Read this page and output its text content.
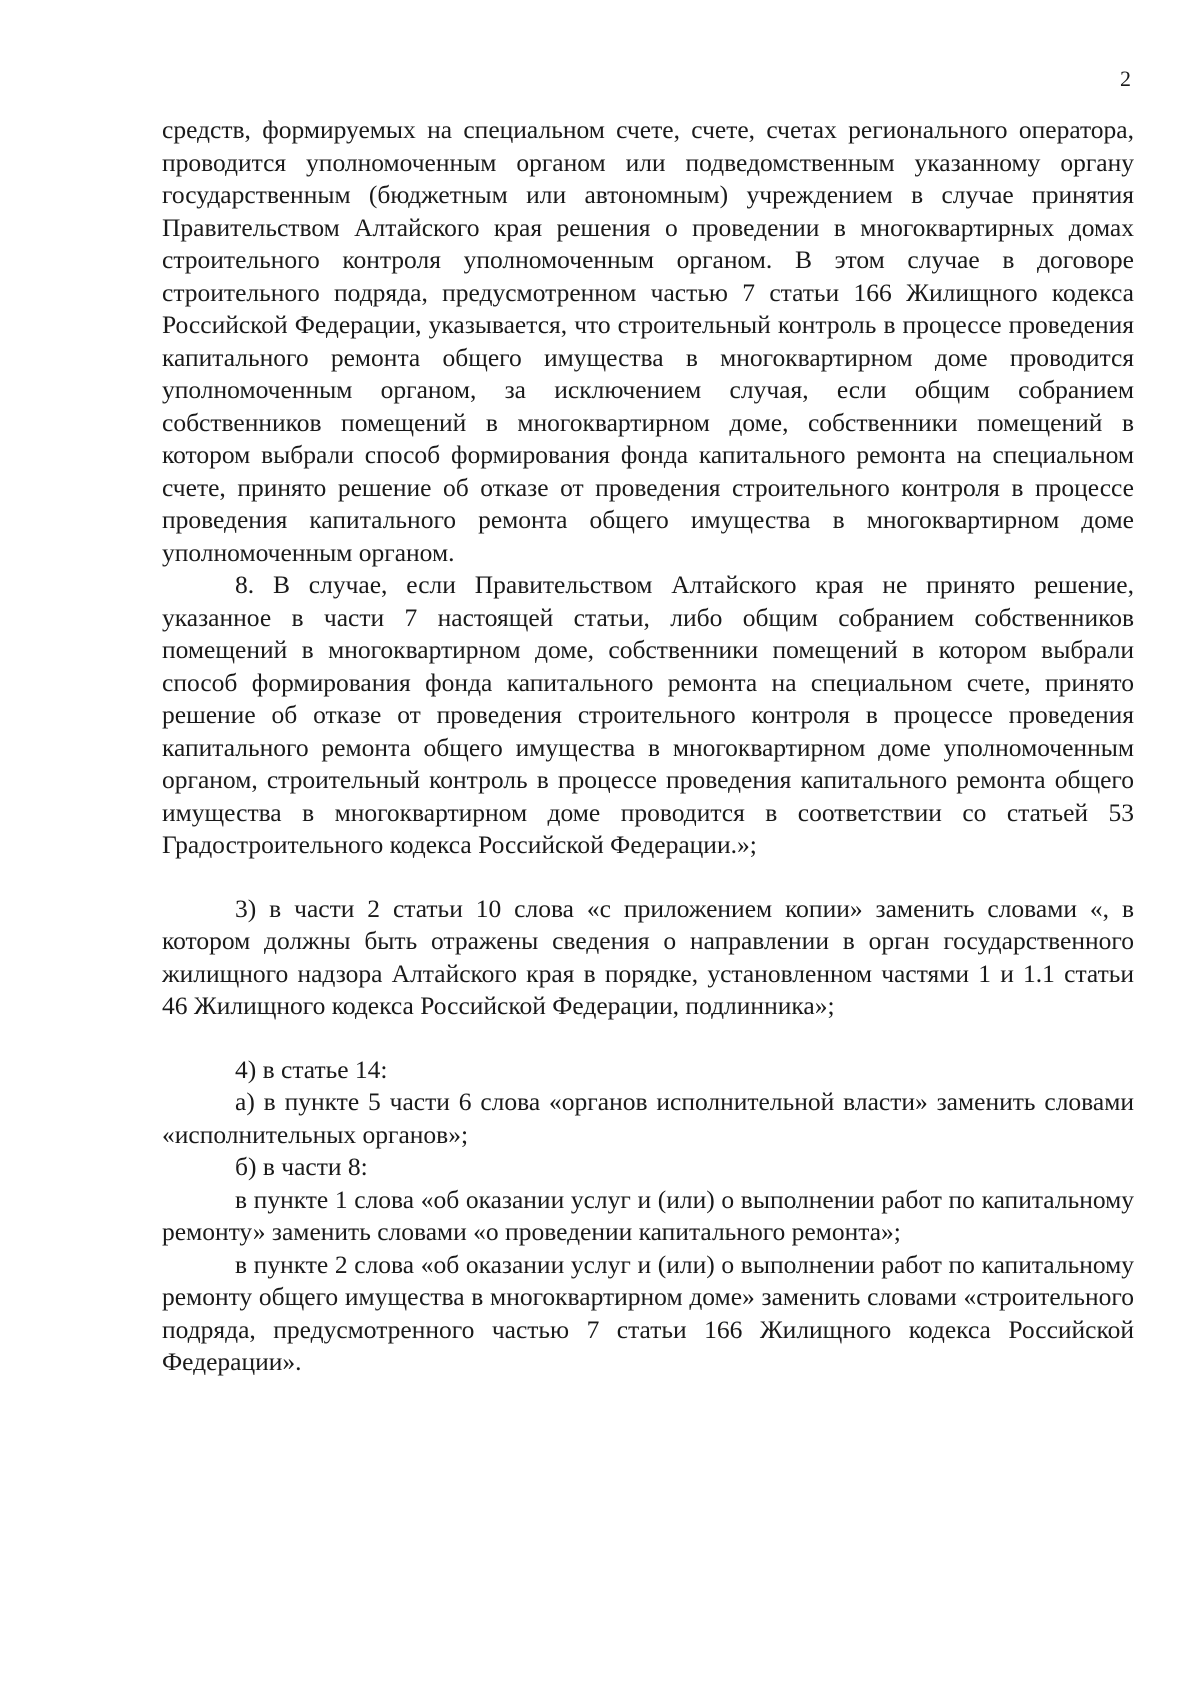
2

средств, формируемых на специальном счете, счете, счетах регионального оператора, проводится уполномоченным органом или подведомственным указанному органу государственным (бюджетным или автономным) учреждением в случае принятия Правительством Алтайского края решения о проведении в многоквартирных домах строительного контроля уполномоченным органом. В этом случае в договоре строительного подряда, предусмотренном частью 7 статьи 166 Жилищного кодекса Российской Федерации, указывается, что строительный контроль в процессе проведения капитального ремонта общего имущества в многоквартирном доме проводится уполномоченным органом, за исключением случая, если общим собранием собственников помещений в многоквартирном доме, собственники помещений в котором выбрали способ формирования фонда капитального ремонта на специальном счете, принято решение об отказе от проведения строительного контроля в процессе проведения капитального ремонта общего имущества в многоквартирном доме уполномоченным органом.

8. В случае, если Правительством Алтайского края не принято решение, указанное в части 7 настоящей статьи, либо общим собранием собственников помещений в многоквартирном доме, собственники помещений в котором выбрали способ формирования фонда капитального ремонта на специальном счете, принято решение об отказе от проведения строительного контроля в процессе проведения капитального ремонта общего имущества в многоквартирном доме уполномоченным органом, строительный контроль в процессе проведения капитального ремонта общего имущества в многоквартирном доме проводится в соответствии со статьей 53 Градостроительного кодекса Российской Федерации.»;

3) в части 2 статьи 10 слова «с приложением копии» заменить словами «, в котором должны быть отражены сведения о направлении в орган государственного жилищного надзора Алтайского края в порядке, установленном частями 1 и 1.1 статьи 46 Жилищного кодекса Российской Федерации, подлинника»;

4) в статье 14:

а) в пункте 5 части 6 слова «органов исполнительной власти» заменить словами «исполнительных органов»;

б) в части 8:

в пункте 1 слова «об оказании услуг и (или) о выполнении работ по капитальному ремонту» заменить словами «о проведении капитального ремонта»;

в пункте 2 слова «об оказании услуг и (или) о выполнении работ по капитальному ремонту общего имущества в многоквартирном доме» заменить словами «строительного подряда, предусмотренного частью 7 статьи 166 Жилищного кодекса Российской Федерации».
